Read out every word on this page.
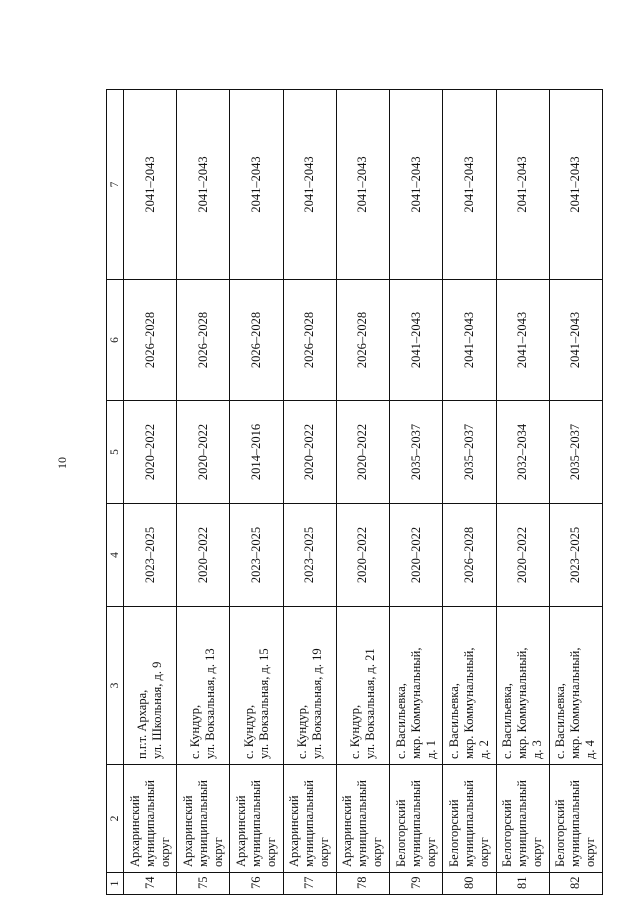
10
1	2	3	4	5	6	7
74	Архаринский муниципальный округ	п.г.т. Архара, ул. Школьная, д. 9	2023–2025	2020–2022	2026–2028	2041–2043
75	Архаринский муниципальный округ	с. Кундур, ул. Вокзальная, д. 13	2020–2022	2020–2022	2026–2028	2041–2043
76	Архаринский муниципальный округ	с. Кундур, ул. Вокзальная, д. 15	2023–2025	2014–2016	2026–2028	2041–2043
77	Архаринский муниципальный округ	с. Кундур, ул. Вокзальная, д. 19	2023–2025	2020–2022	2026–2028	2041–2043
78	Архаринский муниципальный округ	с. Кундур, ул. Вокзальная, д. 21	2020–2022	2020–2022	2026–2028	2041–2043
79	Белогорский муниципальный округ	с. Васильевка, мкр. Коммунальный, д. 1	2020–2022	2035–2037	2041–2043	2041–2043
80	Белогорский муниципальный округ	с. Васильевка, мкр. Коммунальный, д. 2	2026–2028	2035–2037	2041–2043	2041–2043
81	Белогорский муниципальный округ	с. Васильевка, мкр. Коммунальный, д. 3	2020–2022	2032–2034	2041–2043	2041–2043
82	Белогорский муниципальный округ	с. Васильевка, мкр. Коммунальный, д. 4	2023–2025	2035–2037	2041–2043	2041–2043
